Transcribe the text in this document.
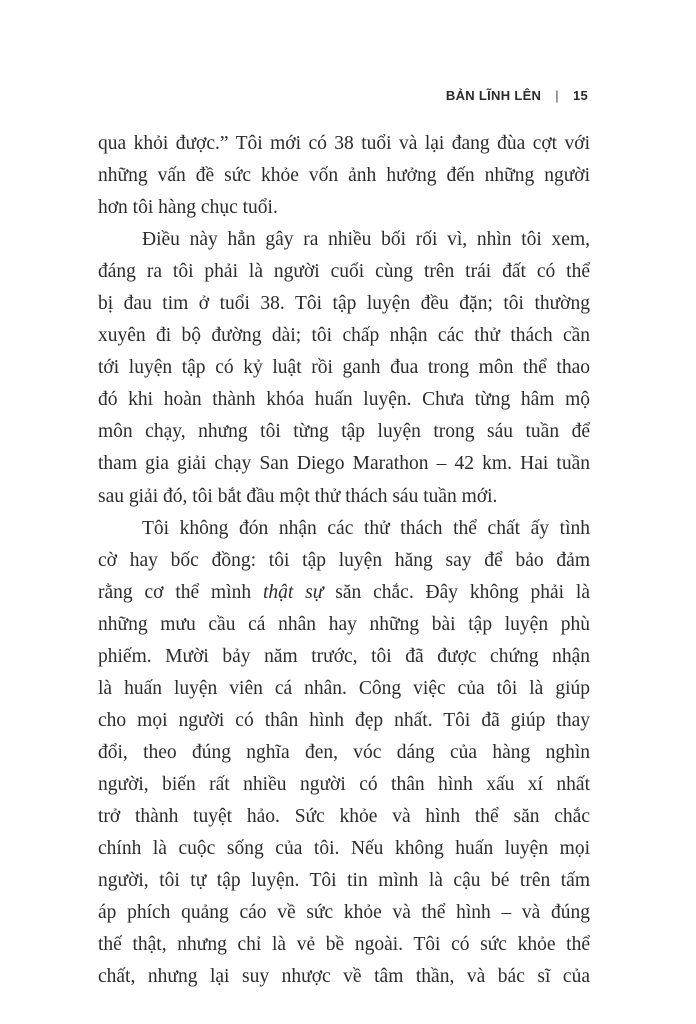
BẢN LĨNH LÊN | 15
qua khỏi được.” Tôi mới có 38 tuổi và lại đang đùa cợt với
những vấn đề sức khỏe vốn ảnh hưởng đến những người
hơn tôi hàng chục tuổi.
Điều này hẳn gây ra nhiều bối rối vì, nhìn tôi xem,
đáng ra tôi phải là người cuối cùng trên trái đất có thể
bị đau tim ở tuổi 38. Tôi tập luyện đều đặn; tôi thường
xuyên đi bộ đường dài; tôi chấp nhận các thử thách cần
tới luyện tập có kỷ luật rồi ganh đua trong môn thể thao
đó khi hoàn thành khóa huấn luyện. Chưa từng hâm mộ
môn chạy, nhưng tôi từng tập luyện trong sáu tuần để
tham gia giải chạy San Diego Marathon – 42 km. Hai tuần
sau giải đó, tôi bắt đầu một thử thách sáu tuần mới.
Tôi không đón nhận các thử thách thể chất ấy tình
cờ hay bốc đồng: tôi tập luyện hăng say để bảo đảm
rằng cơ thể mình thật sự săn chắc. Đây không phải là
những mưu cầu cá nhân hay những bài tập luyện phù
phiếm. Mười bảy năm trước, tôi đã được chứng nhận
là huấn luyện viên cá nhân. Công việc của tôi là giúp
cho mọi người có thân hình đẹp nhất. Tôi đã giúp thay
đổi, theo đúng nghĩa đen, vóc dáng của hàng nghìn
người, biến rất nhiều người có thân hình xấu xí nhất
trở thành tuyệt hảo. Sức khỏe và hình thể săn chắc
chính là cuộc sống của tôi. Nếu không huấn luyện mọi
người, tôi tự tập luyện. Tôi tin mình là cậu bé trên tấm
áp phích quảng cáo về sức khỏe và thể hình – và đúng
thế thật, nhưng chỉ là vẻ bề ngoài. Tôi có sức khỏe thể
chất, nhưng lại suy nhược về tâm thần, và bác sĩ của
